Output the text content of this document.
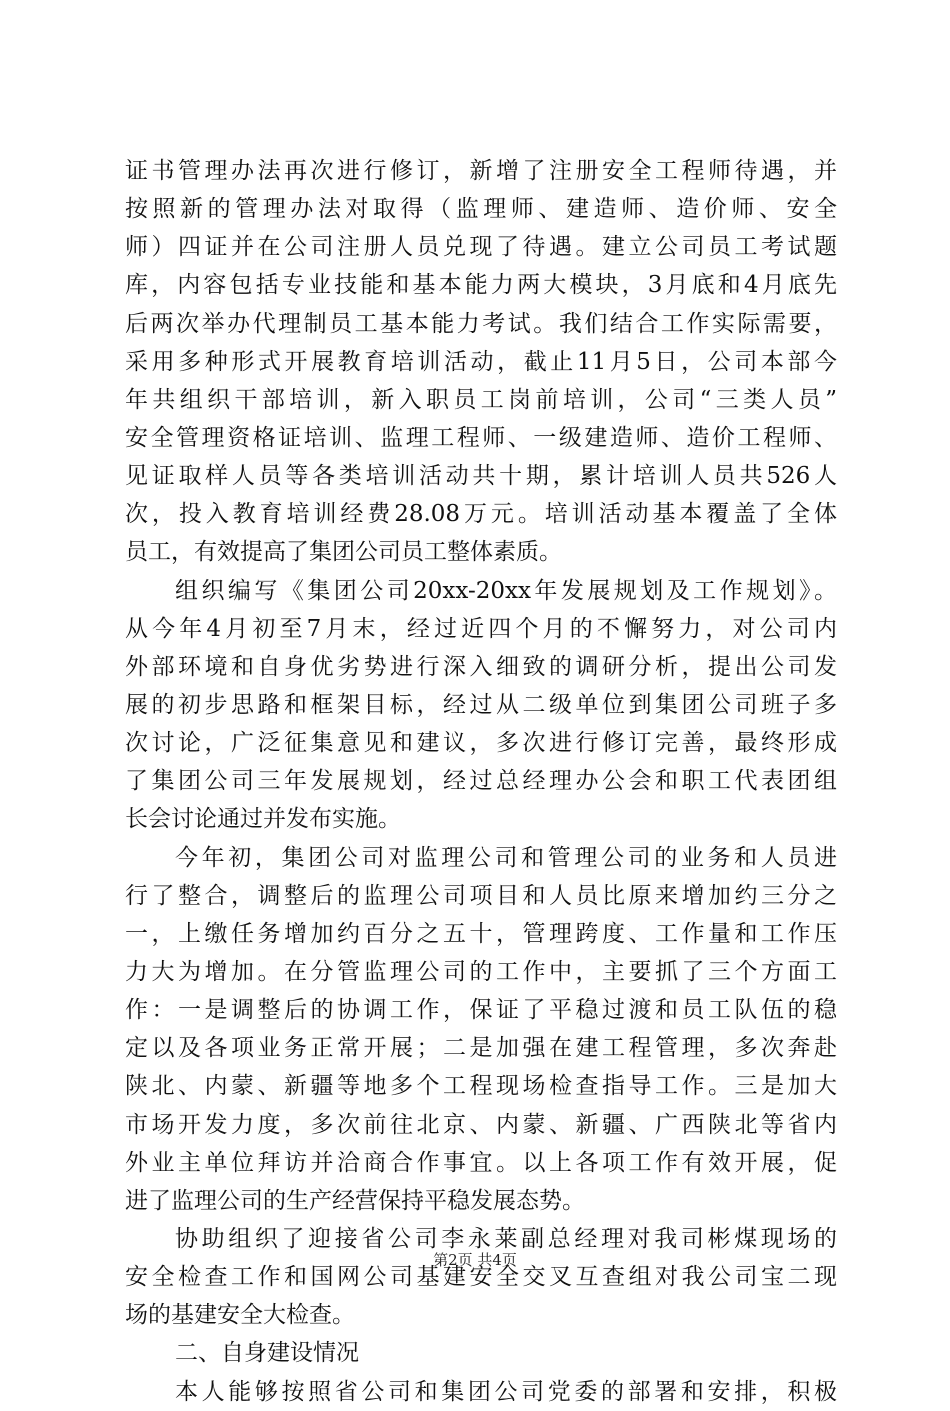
证书管理办法再次进行修订，新增了注册安全工程师待遇，并
按照新的管理办法对取得（监理师、建造师、造价师、安全
师）四证并在公司注册人员兑现了待遇。建立公司员工考试题
库，内容包括专业技能和基本能力两大模块，3月底和4月底先
后两次举办代理制员工基本能力考试。我们结合工作实际需要，
采用多种形式开展教育培训活动，截止11月5日，公司本部今
年共组织干部培训，新入职员工岗前培训，公司“三类人员”
安全管理资格证培训、监理工程师、一级建造师、造价工程师、
见证取样人员等各类培训活动共十期，累计培训人员共526人
次，投入教育培训经费28.08万元。培训活动基本覆盖了全体
员工，有效提高了集团公司员工整体素质。
组织编写《集团公司20xx-20xx年发展规划及工作规划》。
从今年4月初至7月末，经过近四个月的不懈努力，对公司内
外部环境和自身优劣势进行深入细致的调研分析，提出公司发
展的初步思路和框架目标，经过从二级单位到集团公司班子多
次讨论，广泛征集意见和建议，多次进行修订完善，最终形成
了集团公司三年发展规划，经过总经理办公会和职工代表团组
长会讨论通过并发布实施。
今年初，集团公司对监理公司和管理公司的业务和人员进
行了整合，调整后的监理公司项目和人员比原来增加约三分之
一，上缴任务增加约百分之五十，管理跨度、工作量和工作压
力大为增加。在分管监理公司的工作中，主要抓了三个方面工
作：一是调整后的协调工作，保证了平稳过渡和员工队伍的稳
定以及各项业务正常开展；二是加强在建工程管理，多次奔赴
陕北、内蒙、新疆等地多个工程现场检查指导工作。三是加大
市场开发力度，多次前往北京、内蒙、新疆、广西陕北等省内
外业主单位拜访并洽商合作事宜。以上各项工作有效开展，促
进了监理公司的生产经营保持平稳发展态势。
协助组织了迎接省公司李永莱副总经理对我司彬煤现场的
安全检查工作和国网公司基建安全交叉互查组对我公司宝二现
场的基建安全大检查。
二、自身建设情况
本人能够按照省公司和集团公司党委的部署和安排，积极
第2页 共4页
